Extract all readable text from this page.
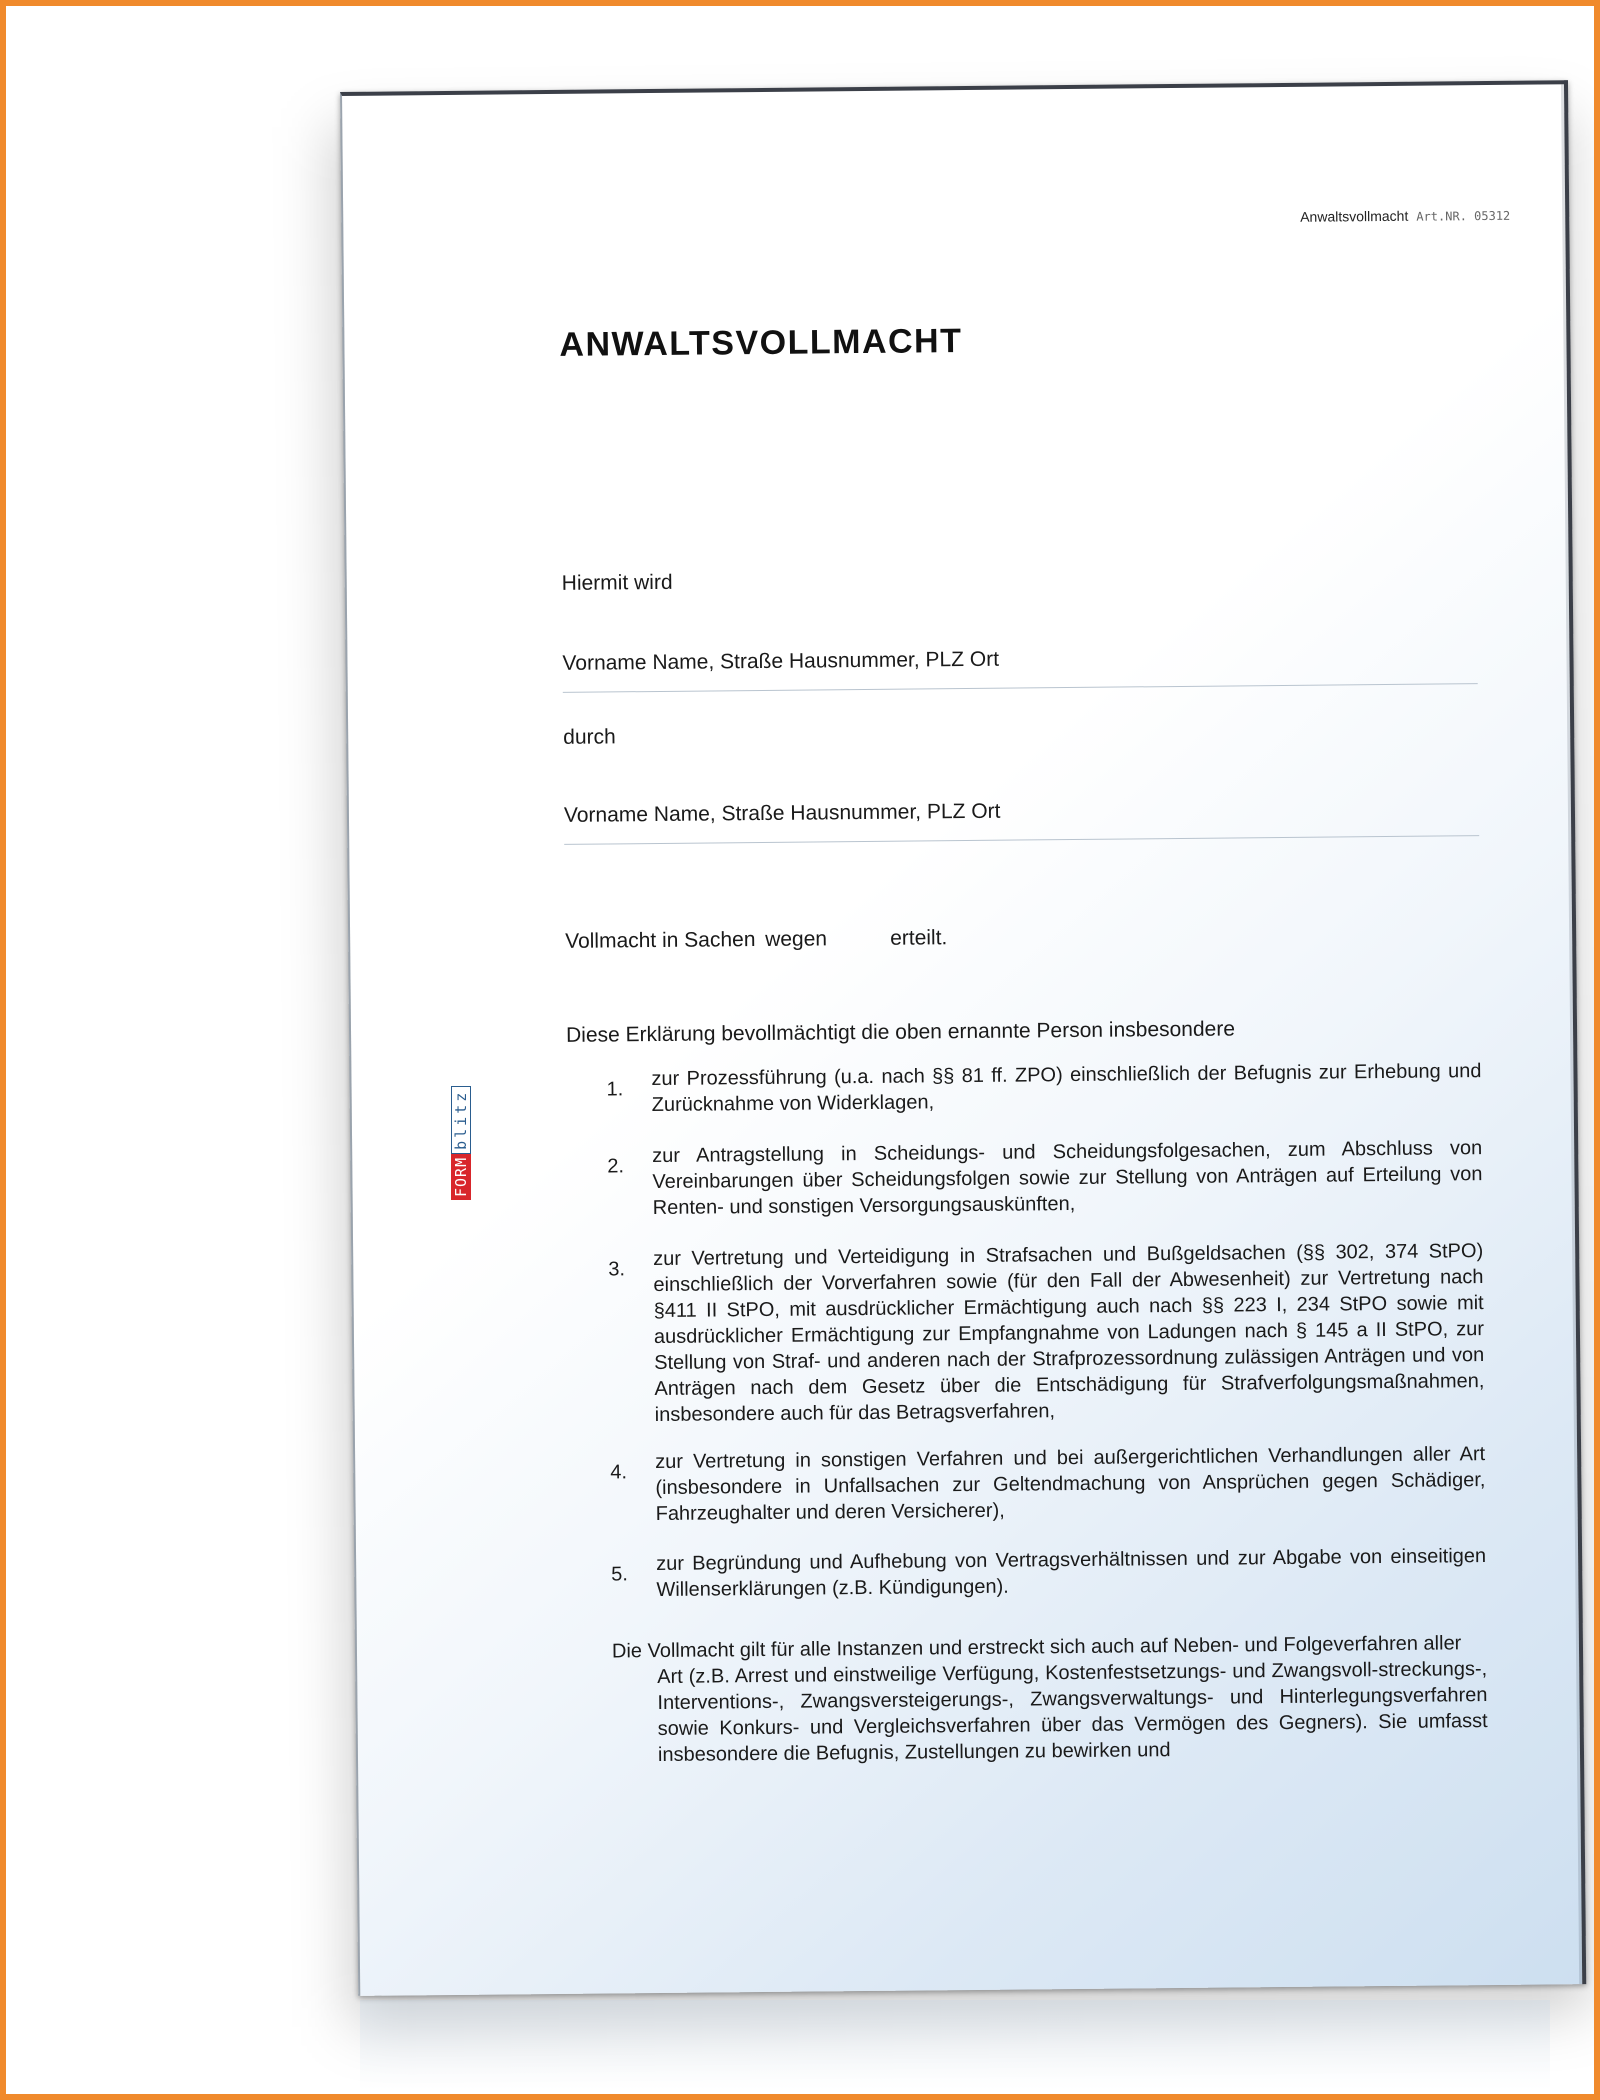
Anwaltsvollmacht Art.NR. 05312
ANWALTSVOLLMACHT
Hiermit wird
Vorname Name, Straße Hausnummer, PLZ Ort
durch
Vorname Name, Straße Hausnummer, PLZ Ort
Vollmacht in Sachen wegen	erteilt.
Diese Erklärung bevollmächtigt die oben ernannte Person insbesondere
1. zur Prozessführung (u.a. nach §§ 81 ff. ZPO) einschließlich der Befugnis zur Erhebung und Zurücknahme von Widerklagen,
2. zur Antragstellung in Scheidungs- und Scheidungsfolgesachen, zum Abschluss von Vereinbarungen über Scheidungsfolgen sowie zur Stellung von Anträgen auf Erteilung von Renten- und sonstigen Versorgungsauskünften,
3. zur Vertretung und Verteidigung in Strafsachen und Bußgeldsachen (§§ 302, 374 StPO) einschließlich der Vorverfahren sowie (für den Fall der Abwesenheit) zur Vertretung nach §411 II StPO, mit ausdrücklicher Ermächtigung auch nach §§ 223 I, 234 StPO sowie mit ausdrücklicher Ermächtigung zur Empfangnahme von Ladungen nach § 145 a II StPO, zur Stellung von Straf- und anderen nach der Strafprozessordnung zulässigen Anträgen und von Anträgen nach dem Gesetz über die Entschädigung für Strafverfolgungsmaßnahmen, insbesondere auch für das Betragsverfahren,
4. zur Vertretung in sonstigen Verfahren und bei außergerichtlichen Verhandlungen aller Art (insbesondere in Unfallsachen zur Geltendmachung von Ansprüchen gegen Schädiger, Fahrzeughalter und deren Versicherer),
5. zur Begründung und Aufhebung von Vertragsverhältnissen und zur Abgabe von einseitigen Willenserklärungen (z.B. Kündigungen).
Die Vollmacht gilt für alle Instanzen und erstreckt sich auch auf Neben- und Folgeverfahren aller
Art (z.B. Arrest und einstweilige Verfügung, Kostenfestsetzungs- und Zwangsvoll-streckungs-, Interventions-, Zwangsversteigerungs-, Zwangsverwaltungs- und Hinterlegungsverfahren sowie Konkurs- und Vergleichsverfahren über das Vermögen des Gegners). Sie umfasst insbesondere die Befugnis, Zustellungen zu bewirken und
FORM
blitz
